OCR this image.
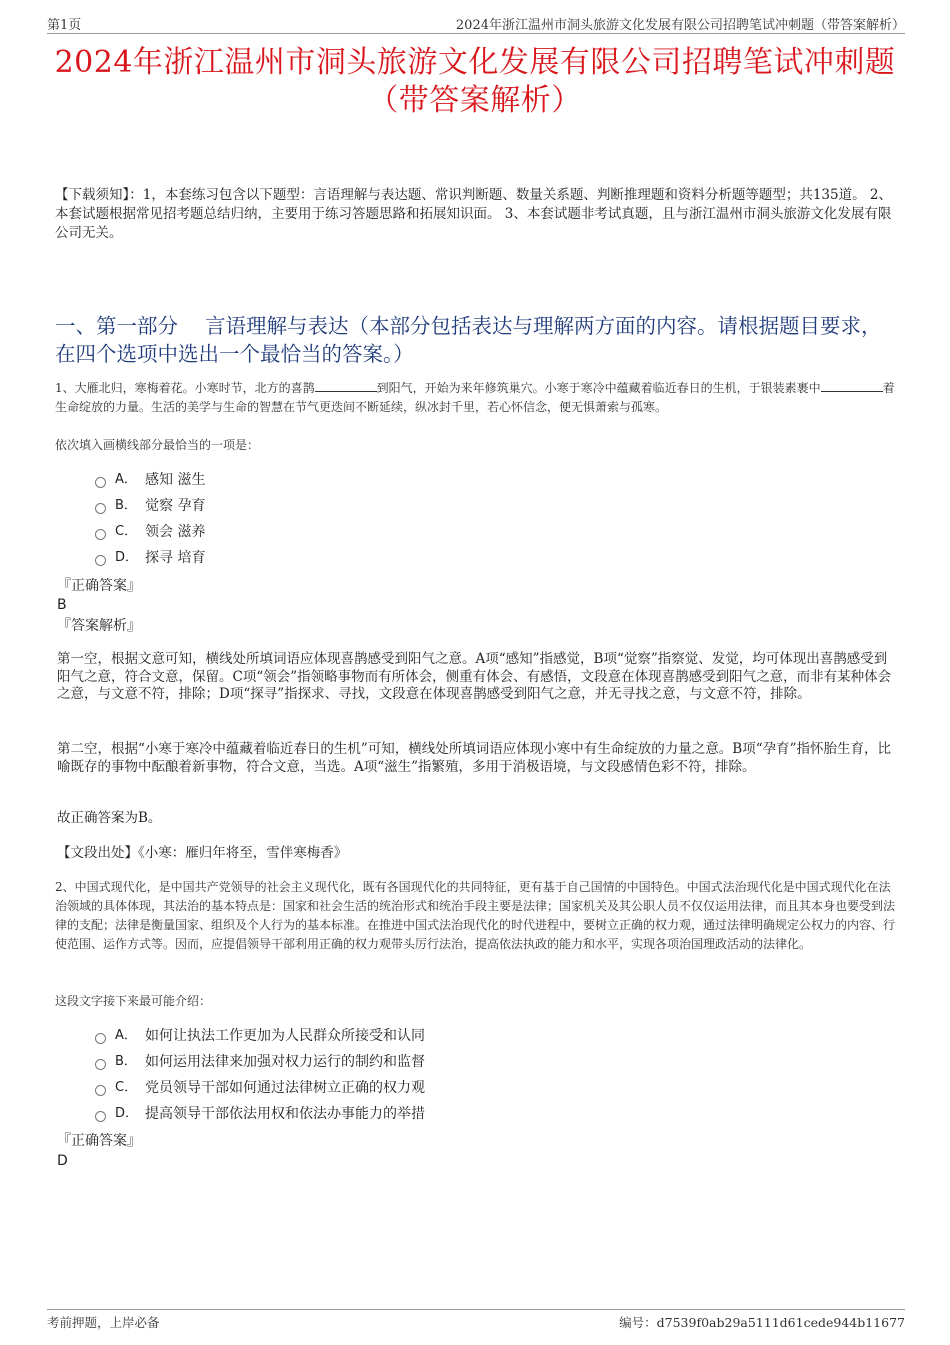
第1页	2024年浙江温州市洞头旅游文化发展有限公司招聘笔试冲刺题（带答案解析）
2024年浙江温州市洞头旅游文化发展有限公司招聘笔试冲刺题
（带答案解析）
【下载须知】：1，本套练习包含以下题型：言语理解与表达题、常识判断题、数量关系题、判断推理题和资料分析题等题型；共135道。 2、本套试题根据常见招考题总结归纳，主要用于练习答题思路和拓展知识面。 3、本套试题非考试真题，且与浙江温州市洞头旅游文化发展有限公司无关。
一、第一部分　 言语理解与表达（本部分包括表达与理解两方面的内容。请根据题目要求，在四个选项中选出一个最恰当的答案。）
1、大雁北归，寒梅着花。小寒时节，北方的喜鹊	到阳气，开始为来年修筑巢穴。小寒于寒冷中蕴藏着临近春日的生机，于银装素裹中	着生命绽放的力量。生活的美学与生命的智慧在节气更迭间不断延续，纵冰封千里，若心怀信念，便无惧萧索与孤寒。
依次填入画横线部分最恰当的一项是：
A． 感知 滋生
B． 觉察 孕育
C． 领会 滋养
D． 探寻 培育
『正确答案』
B
『答案解析』
第一空，根据文意可知，横线处所填词语应体现喜鹊感受到阳气之意。A项“感知”指感觉，B项“觉察”指察觉、发觉，均可体现出喜鹊感受到阳气之意，符合文意，保留。C项“领会”指领略事物而有所体会，侧重有体会、有感悟，文段意在体现喜鹊感受到阳气之意，而非有某种体会之意，与文意不符，排除；D项“探寻”指探求、寻找，文段意在体现喜鹊感受到阳气之意，并无寻找之意，与文意不符，排除。
第二空，根据“小寒于寒冷中蕴藏着临近春日的生机”可知，横线处所填词语应体现小寒中有生命绽放的力量之意。B项“孕育”指怀胎生育，比喻既存的事物中酝酿着新事物，符合文意，当选。A项“滋生”指繁殖，多用于消极语境，与文段感情色彩不符，排除。
故正确答案为B。
【文段出处】《小寒：雁归年将至，雪伴寒梅香》
2、中国式现代化，是中国共产党领导的社会主义现代化，既有各国现代化的共同特征，更有基于自己国情的中国特色。中国式法治现代化是中国式现代化在法治领域的具体体现，其法治的基本特点是：国家和社会生活的统治形式和统治手段主要是法律；国家机关及其公职人员不仅仅运用法律，而且其本身也要受到法律的支配；法律是衡量国家、组织及个人行为的基本标准。在推进中国式法治现代化的时代进程中，要树立正确的权力观，通过法律明确规定公权力的内容、行使范围、运作方式等。因而，应提倡领导干部利用正确的权力观带头厉行法治，提高依法执政的能力和水平，实现各项治国理政活动的法律化。
这段文字接下来最可能介绍：
A． 如何让执法工作更加为人民群众所接受和认同
B． 如何运用法律来加强对权力运行的制约和监督
C． 党员领导干部如何通过法律树立正确的权力观
D． 提高领导干部依法用权和依法办事能力的举措
『正确答案』
D
考前押题，上岸必备	编号：d7539f0ab29a5111d61cede944b11677
